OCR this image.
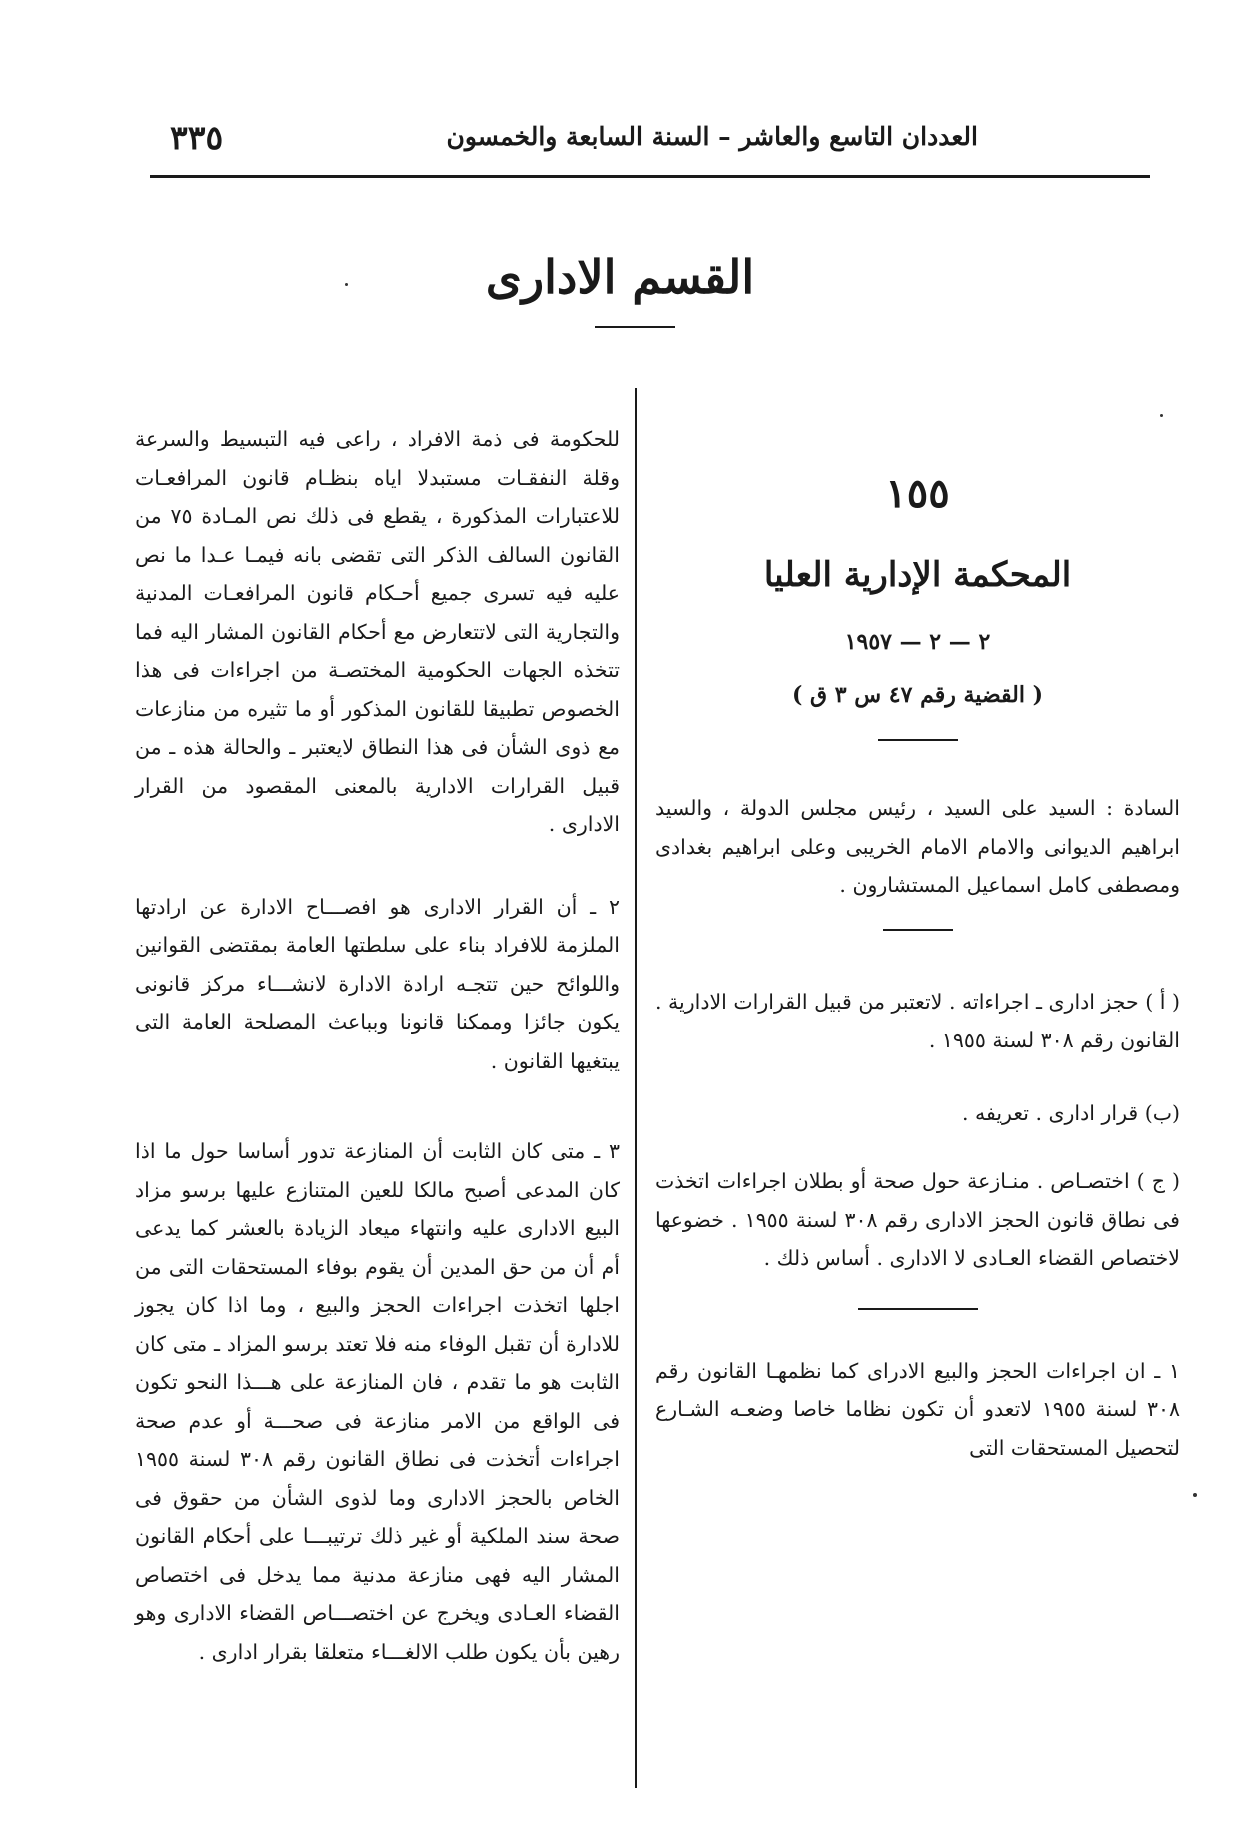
العددان التاسع والعاشر – السنة السابعة والخمسون
٣٣٥
القسم الادارى
١٥٥
المحكمة الإدارية العليا
٢ — ٢ — ١٩٥٧
( القضية رقم ٤٧ س ٣ ق )

السادة : السيد على السيد ، رئيس مجلس الدولة ، والسيد ابراهيم الديوانى والامام الامام الخريبى وعلى ابراهيم بغدادى ومصطفى كامل اسماعيل المستشارون .

( أ ) حجز ادارى ـ اجراءاته . لاتعتبر من قبيل القرارات الادارية . القانون رقم ٣٠٨ لسنة ١٩٥٥ .

(ب) قرار ادارى . تعريفه .

( ج ) اختصـاص . منـازعة حول صحة أو بطلان اجراءات اتخذت فى نطاق قانون الحجز الادارى رقم ٣٠٨ لسنة ١٩٥٥ . خضوعها لاختصاص القضاء العـادى لا الادارى . أساس ذلك .

١ ـ ان اجراءات الحجز والبيع الادراى كما نظمهـا القانون رقم ٣٠٨ لسنة ١٩٥٥ لاتعدو أن تكون نظاما خاصا وضعـه الشـارع لتحصيل المستحقات التى

للحكومة فى ذمة الافراد ، راعى فيه التبسيط والسرعة وقلة النفقـات مستبدلا اياه بنظـام قانون المرافعـات للاعتبارات المذكورة ، يقطع فى ذلك نص المـادة ٧٥ من القانون السالف الذكر التى تقضى بانه فيمـا عـدا ما نص عليه فيه تسرى جميع أحـكام قانون المرافعـات المدنية والتجارية التى لاتتعارض مع أحكام القانون المشار اليه فما تتخذه الجهات الحكومية المختصـة من اجراءات فى هذا الخصوص تطبيقا للقانون المذكور أو ما تثيره من منازعات مع ذوى الشأن فى هذا النطاق لايعتبر ـ والحالة هذه ـ من قبيل القرارات الادارية بالمعنى المقصود من القرار الادارى .

٢ ـ أن القرار الادارى هو افصـــاح الادارة عن ارادتها الملزمة للافراد بناء على سلطتها العامة بمقتضى القوانين واللوائح حين تتجـه ارادة الادارة لانشـــاء مركز قانونى يكون جائزا وممكنا قانونا وبباعث المصلحة العامة التى يبتغيها القانون .

٣ ـ متى كان الثابت أن المنازعة تدور أساسا حول ما اذا كان المدعى أصبح مالكا للعين المتنازع عليها برسو مزاد البيع الادارى عليه وانتهاء ميعاد الزيادة بالعشر كما يدعى أم أن من حق المدين أن يقوم بوفاء المستحقات التى من اجلها اتخذت اجراءات الحجز والبيع ، وما اذا كان يجوز للادارة أن تقبل الوفاء منه فلا تعتد برسو المزاد ـ متى كان الثابت هو ما تقدم ، فان المنازعة على هـــذا النحو تكون فى الواقع من الامر منازعة فى صحـــة أو عدم صحة اجراءات أتخذت فى نطاق القانون رقم ٣٠٨ لسنة ١٩٥٥ الخاص بالحجز الادارى وما لذوى الشأن من حقوق فى صحة سند الملكية أو غير ذلك ترتيبـــا على أحكام القانون المشار اليه فهى منازعة مدنية مما يدخل فى اختصاص القضاء العـادى ويخرج عن اختصـــاص القضاء الادارى وهو رهين بأن يكون طلب الالغـــاء متعلقا بقرار ادارى .
